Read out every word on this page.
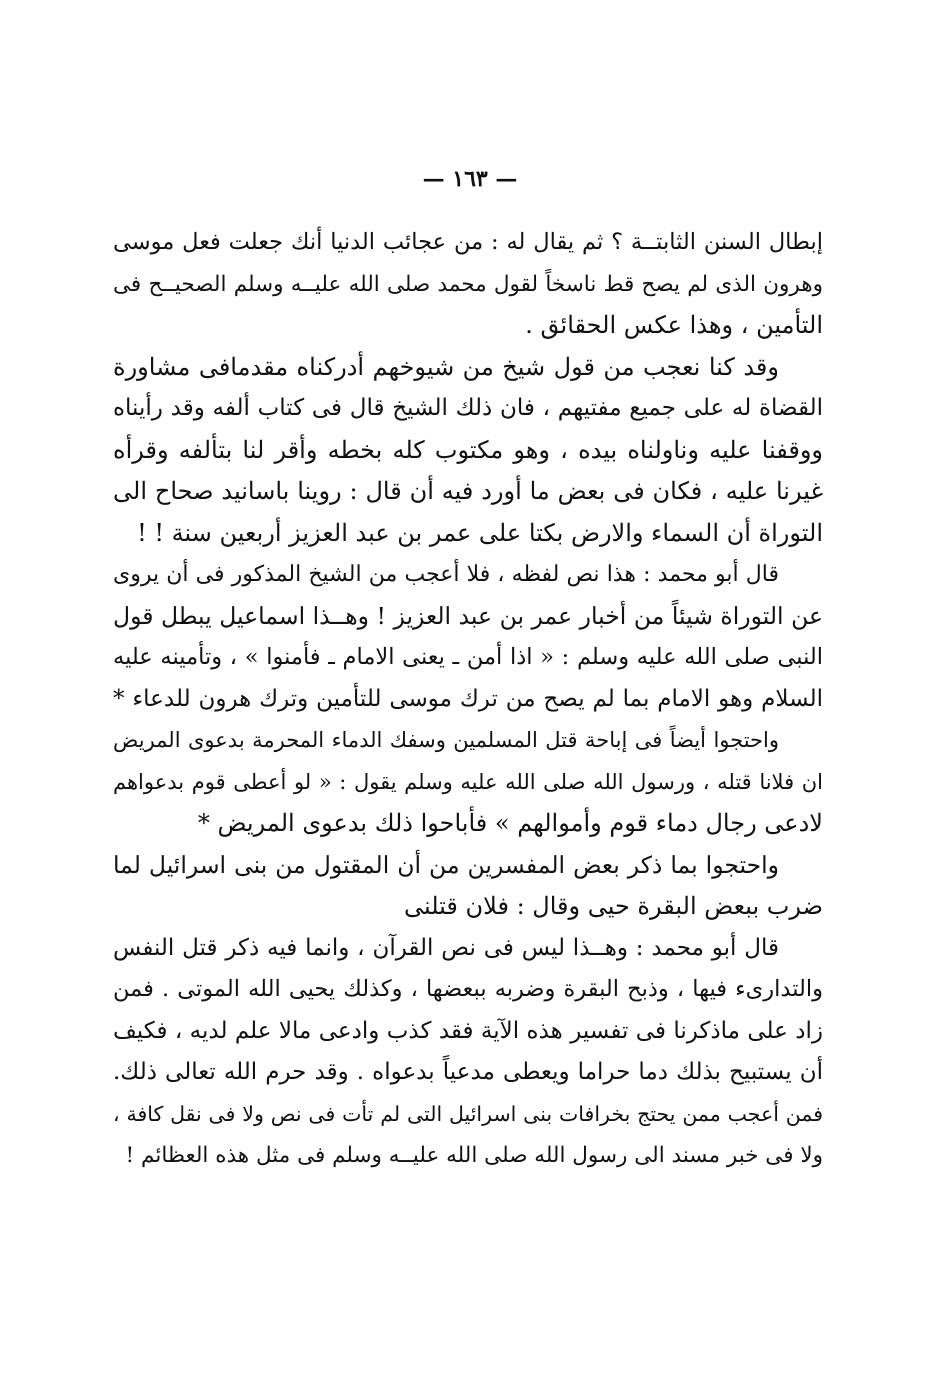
— ١٦٣ —
إبطال السنن الثابتــة ؟ ثم يقال له : من عجائب الدنيا أنك جعلت فعل موسى
وهرون الذى لم يصح قط ناسخاً لقول محمد صلى الله عليــه وسلم الصحيــح فى
التأمين ، وهذا عكس الحقائق .
وقد كنا نعجب من قول شيخ من شيوخهم أدركناه مقدمافى مشاورة
القضاة له على جميع مفتيهم ، فان ذلك الشيخ قال فى كتاب ألفه وقد رأيناه
ووقفنا عليه وناولناه بيده ، وهو مكتوب كله بخطه وأقر لنا بتألفه وقرأه
غيرنا عليه ، فكان فى بعض ما أورد فيه أن قال : روينا باسانيد صحاح الى
التوراة أن السماء والارض بكتا على عمر بن عبد العزيز أربعين سنة ! !
قال أبو محمد : هذا نص لفظه ، فلا أعجب من الشيخ المذكور فى أن يروى
عن التوراة شيئاً من أخبار عمر بن عبد العزيز ! وهــذا اسماعيل يبطل قول
النبى صلى الله عليه وسلم : « اذا أمن ـ يعنى الامام ـ فأمنوا » ، وتأمينه عليه
السلام وهو الامام بما لم يصح من ترك موسى للتأمين وترك هرون للدعاء *
واحتجوا أيضاً فى إباحة قتل المسلمين وسفك الدماء المحرمة بدعوى المريض
ان فلانا قتله ، ورسول الله صلى الله عليه وسلم يقول : « لو أعطى قوم بدعواهم
لادعى رجال دماء قوم وأموالهم » فأباحوا ذلك بدعوى المريض *
واحتجوا بما ذكر بعض المفسرين من أن المقتول من بنى اسرائيل لما
ضرب ببعض البقرة حيى وقال : فلان قتلنى
قال أبو محمد : وهــذا ليس فى نص القرآن ، وانما فيه ذكر قتل النفس
والتدارىء فيها ، وذبح البقرة وضربه ببعضها ، وكذلك يحيى الله الموتى . فمن
زاد على ماذكرنا فى تفسير هذه الآية فقد كذب وادعى مالا علم لديه ، فكيف
أن يستبيح بذلك دما حراما ويعطى مدعياً بدعواه . وقد حرم الله تعالى ذلك.
فمن أعجب ممن يحتج بخرافات بنى اسرائيل التى لم تأت فى نص ولا فى نقل كافة ،
ولا فى خبر مسند الى رسول الله صلى الله عليــه وسلم فى مثل هذه العظائم !
